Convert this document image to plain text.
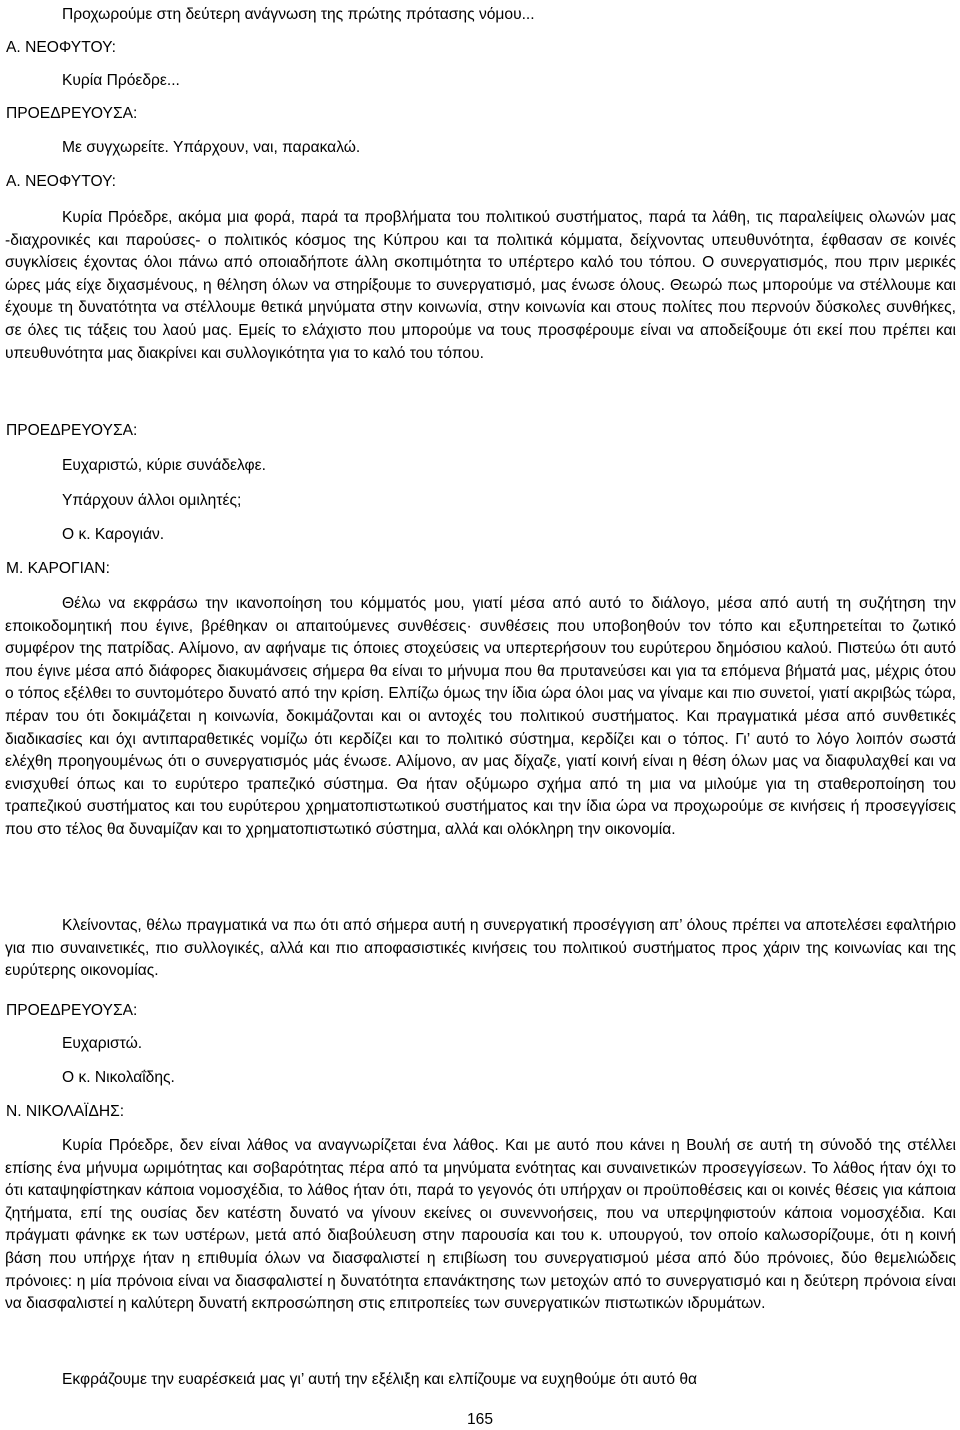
Προχωρούμε στη δεύτερη ανάγνωση της πρώτης πρότασης νόμου...

Α. ΝΕΟΦΥΤΟΥ:

Κυρία Πρόεδρε...

ΠΡΟΕΔΡΕΥΟΥΣΑ:

Με συγχωρείτε. Υπάρχουν, ναι, παρακαλώ.

Α. ΝΕΟΦΥΤΟΥ:

Κυρία Πρόεδρε, ακόμα μια φορά, παρά τα προβλήματα του πολιτικού συστήματος, παρά τα λάθη, τις παραλείψεις ολωνών μας -διαχρονικές και παρούσες- ο πολιτικός κόσμος της Κύπρου και τα πολιτικά κόμματα, δείχνοντας υπευθυνότητα, έφθασαν σε κοινές συγκλίσεις έχοντας όλοι πάνω από οποιαδήποτε άλλη σκοπιμότητα το υπέρτερο καλό του τόπου. Ο συνεργατισμός, που πριν μερικές ώρες μάς είχε διχασμένους, η θέληση όλων να στηρίξουμε το συνεργατισμό, μας ένωσε όλους. Θεωρώ πως μπορούμε να στέλλουμε και έχουμε τη δυνατότητα να στέλλουμε θετικά μηνύματα στην κοινωνία, στην κοινωνία και στους πολίτες που περνούν δύσκολες συνθήκες, σε όλες τις τάξεις του λαού μας. Εμείς το ελάχιστο που μπορούμε να τους προσφέρουμε είναι να αποδείξουμε ότι εκεί που πρέπει και υπευθυνότητα μας διακρίνει και συλλογικότητα για το καλό του τόπου.

ΠΡΟΕΔΡΕΥΟΥΣΑ:

Ευχαριστώ, κύριε συνάδελφε.

Υπάρχουν άλλοι ομιλητές;

Ο κ. Καρογιάν.

Μ. ΚΑΡΟΓΙΑΝ:

Θέλω να εκφράσω την ικανοποίηση του κόμματός μου, γιατί μέσα από αυτό το διάλογο, μέσα από αυτή τη συζήτηση την εποικοδομητική που έγινε, βρέθηκαν οι απαιτούμενες συνθέσεις· συνθέσεις που υποβοηθούν τον τόπο και εξυπηρετείται το ζωτικό συμφέρον της πατρίδας. Αλίμονο, αν αφήναμε τις όποιες στοχεύσεις να υπερτερήσουν του ευρύτερου δημόσιου καλού. Πιστεύω ότι αυτό που έγινε μέσα από διάφορες διακυμάνσεις σήμερα θα είναι το μήνυμα που θα πρυτανεύσει και για τα επόμενα βήματά μας, μέχρις ότου ο τόπος εξέλθει το συντομότερο δυνατό από την κρίση. Ελπίζω όμως την ίδια ώρα όλοι μας να γίναμε και πιο συνετοί, γιατί ακριβώς τώρα, πέραν του ότι δοκιμάζεται η κοινωνία, δοκιμάζονται και οι αντοχές του πολιτικού συστήματος. Και πραγματικά μέσα από συνθετικές διαδικασίες και όχι αντιπαραθετικές νομίζω ότι κερδίζει και το πολιτικό σύστημα, κερδίζει και ο τόπος. Γι’ αυτό το λόγο λοιπόν σωστά ελέχθη προηγουμένως ότι ο συνεργατισμός μάς ένωσε. Αλίμονο, αν μας δίχαζε, γιατί κοινή είναι η θέση όλων μας να διαφυλαχθεί και να ενισχυθεί όπως και το ευρύτερο τραπεζικό σύστημα. Θα ήταν οξύμωρο σχήμα από τη μια να μιλούμε για τη σταθεροποίηση του τραπεζικού συστήματος και του ευρύτερου χρηματοπιστωτικού συστήματος και την ίδια ώρα να προχωρούμε σε κινήσεις ή προσεγγίσεις που στο τέλος θα δυναμίζαν και το χρηματοπιστωτικό σύστημα, αλλά και ολόκληρη την οικονομία.

Κλείνοντας, θέλω πραγματικά να πω ότι από σήμερα αυτή η συνεργατική προσέγγιση απ’ όλους πρέπει να αποτελέσει εφαλτήριο για πιο συναινετικές, πιο συλλογικές, αλλά και πιο αποφασιστικές κινήσεις του πολιτικού συστήματος προς χάριν της κοινωνίας και της ευρύτερης οικονομίας.

ΠΡΟΕΔΡΕΥΟΥΣΑ:

Ευχαριστώ.

Ο κ. Νικολαΐδης.

Ν. ΝΙΚΟΛΑΪΔΗΣ:

Κυρία Πρόεδρε, δεν είναι λάθος να αναγνωρίζεται ένα λάθος. Και με αυτό που κάνει η Βουλή σε αυτή τη σύνοδό της στέλλει επίσης ένα μήνυμα ωριμότητας και σοβαρότητας πέρα από τα μηνύματα ενότητας και συναινετικών προσεγγίσεων. Το λάθος ήταν όχι το ότι καταψηφίστηκαν κάποια νομοσχέδια, το λάθος ήταν ότι, παρά το γεγονός ότι υπήρχαν οι προϋποθέσεις και οι κοινές θέσεις για κάποια ζητήματα, επί της ουσίας δεν κατέστη δυνατό να γίνουν εκείνες οι συνεννοήσεις, που να υπερψηφιστούν κάποια νομοσχέδια. Και πράγματι φάνηκε εκ των υστέρων, μετά από διαβούλευση στην παρουσία και του κ. υπουργού, τον οποίο καλωσορίζουμε, ότι η κοινή βάση που υπήρχε ήταν η επιθυμία όλων να διασφαλιστεί η επιβίωση του συνεργατισμού μέσα από δύο πρόνοιες, δύο θεμελιώδεις πρόνοιες: η μία πρόνοια είναι να διασφαλιστεί η δυνατότητα επανάκτησης των μετοχών από το συνεργατισμό και η δεύτερη πρόνοια είναι να διασφαλιστεί η καλύτερη δυνατή εκπροσώπηση στις επιτροπείες των συνεργατικών πιστωτικών ιδρυμάτων.

Εκφράζουμε την ευαρέσκειά μας γι’ αυτή την εξέλιξη και ελπίζουμε να ευχηθούμε ότι αυτό θα

165
